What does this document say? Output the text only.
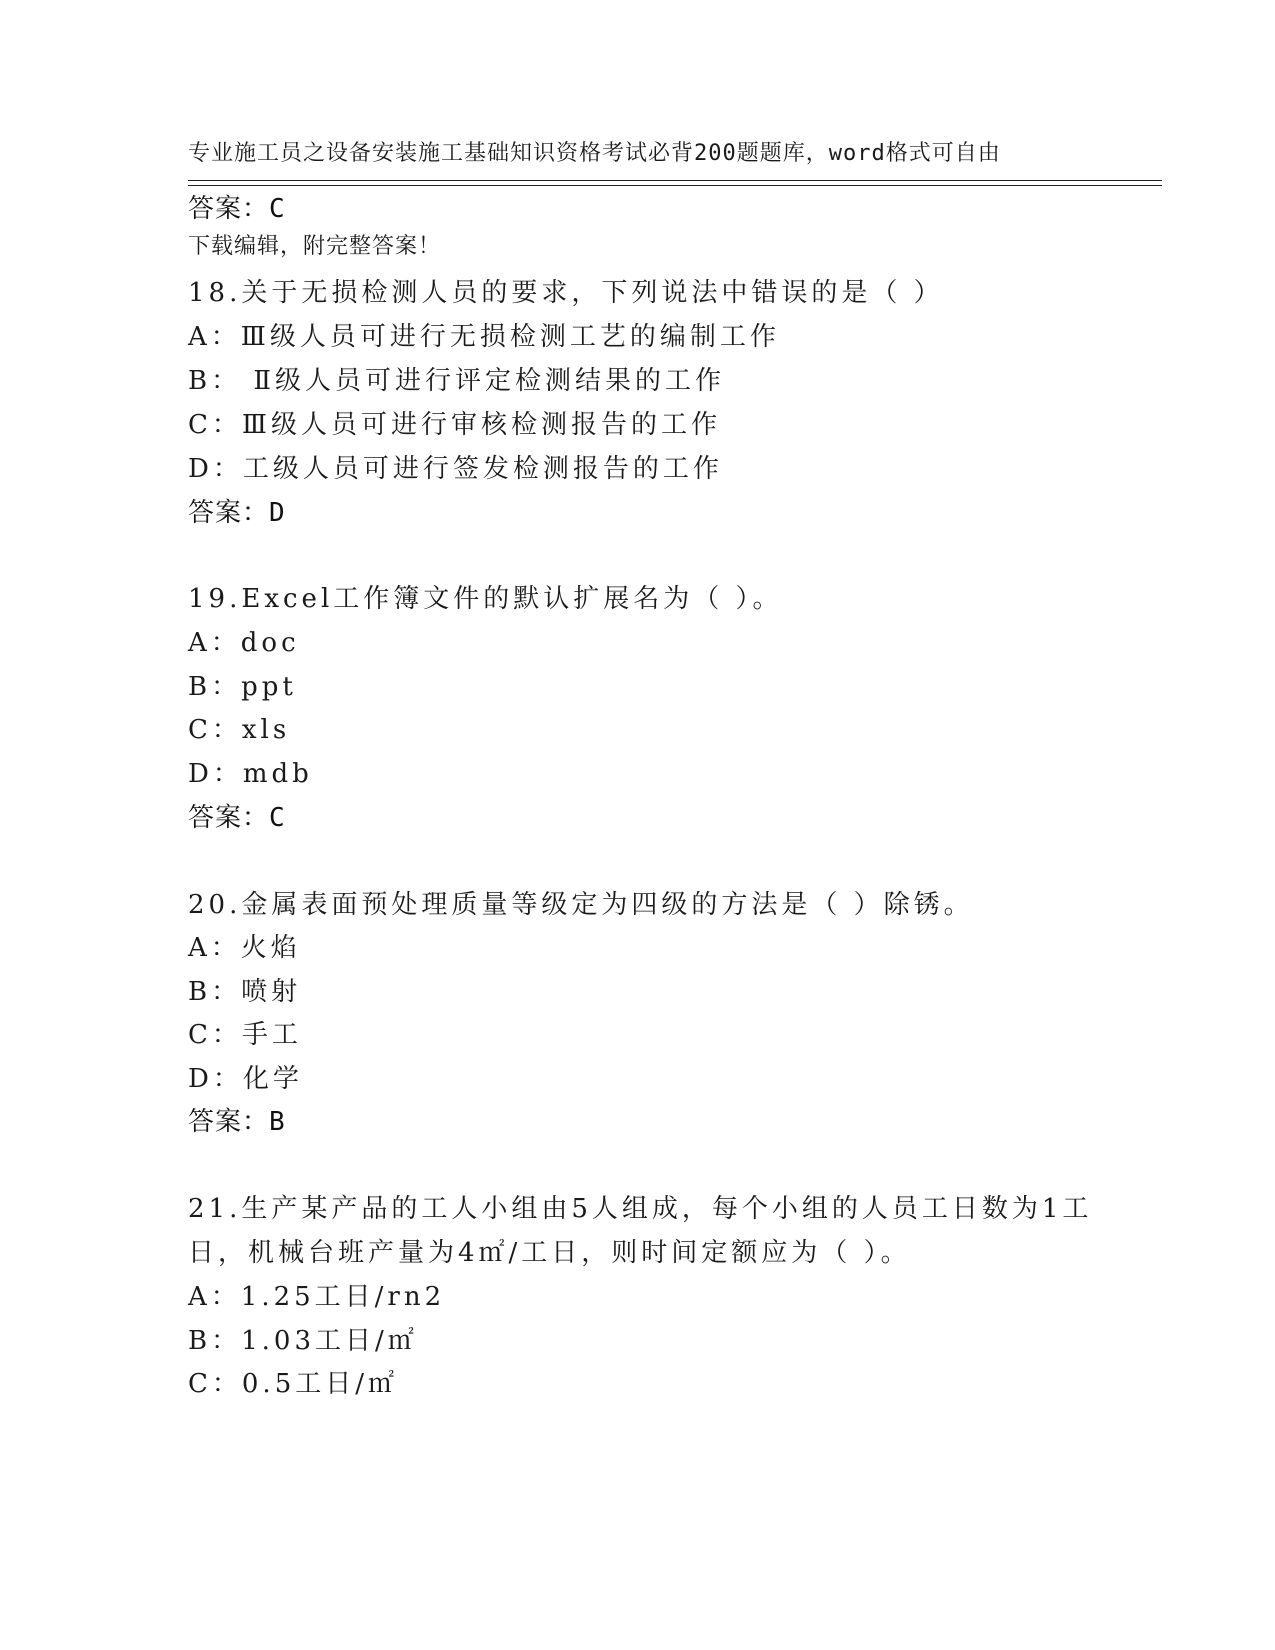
专业施工员之设备安装施工基础知识资格考试必背200题题库，word格式可自由

下载编辑，附完整答案！

答案：C
18.关于无损检测人员的要求，下列说法中错误的是（ ）
A：Ⅲ级人员可进行无损检测工艺的编制工作
B： Ⅱ级人员可进行评定检测结果的工作
C：Ⅲ级人员可进行审核检测报告的工作
D：工级人员可进行签发检测报告的工作
答案：D
19.Excel工作簿文件的默认扩展名为（ ）。
A：doc
B：ppt
C：xls
D：mdb
答案：C
20.金属表面预处理质量等级定为四级的方法是（ ）除锈。
A：火焰
B：喷射
C：手工
D：化学
答案：B
21.生产某产品的工人小组由5人组成，每个小组的人员工日数为1工
日，机械台班产量为4㎡/工日，则时间定额应为（ ）。
A：1.25工日/rn2
B：1.03工日/㎡
C：0.5工日/㎡
